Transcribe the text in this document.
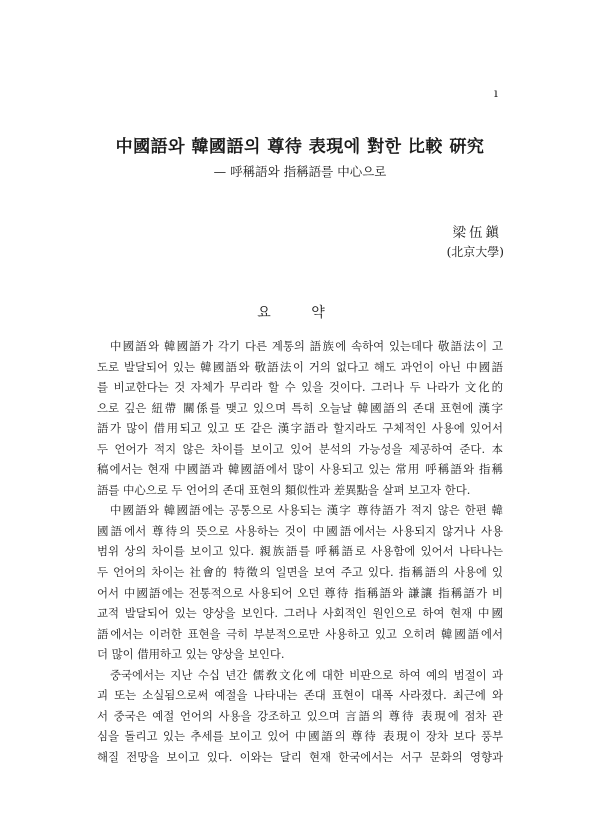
ı
中國語와 韓國語의 尊待 表現에 對한 比較 硏究
— 呼稱語와 指稱語를 中心으로
梁伍鎭
(北京大學)
요 약
中國語와 韓國語가 각기 다른 계통의 語族에 속하여 있는데다 敬語法이 고
도로 발달되어 있는 韓國語와 敬語法이 거의 없다고 해도 과언이 아닌 中國語
를 비교한다는 것 자체가 무리라 할 수 있을 것이다. 그러나 두 나라가 文化的
으로 깊은 紐帶 關係를 맺고 있으며 특히 오늘날 韓國語의 존대 표현에 漢字
語가 많이 借用되고 있고 또 같은 漢字語라 할지라도 구체적인 사용에 있어서
두 언어가 적지 않은 차이를 보이고 있어 분석의 가능성을 제공하여 준다. 本
稿에서는 현재 中國語과 韓國語에서 많이 사용되고 있는 常用 呼稱語와 指稱
語를 中心으로 두 언어의 존대 표현의 類似性과 差異點을 살펴 보고자 한다.
中國語와 韓國語에는 공통으로 사용되는 漢字 尊待語가 적지 않은 한편 韓
國語에서 尊待의 뜻으로 사용하는 것이 中國語에서는 사용되지 않거나 사용
범위 상의 차이를 보이고 있다. 親族語를 呼稱語로 사용함에 있어서 나타나는
두 언어의 차이는 社會的 特徵의 일면을 보여 주고 있다. 指稱語의 사용에 있
어서 中國語에는 전통적으로 사용되어 오던 尊待 指稱語와 謙讓 指稱語가 비
교적 발달되어 있는 양상을 보인다. 그러나 사회적인 원인으로 하여 현재 中國
語에서는 이러한 표현을 극히 부분적으로만 사용하고 있고 오히려 韓國語에서
더 많이 借用하고 있는 양상을 보인다.
중국에서는 지난 수십 년간 儒敎文化에 대한 비판으로 하여 예의 범절이 과
괴 또는 소실됨으로써 예절을 나타내는 존대 표현이 대폭 사라졌다. 최근에 와
서 중국은 예절 언어의 사용을 강조하고 있으며 言語의 尊待 表現에 점차 관
심을 돌리고 있는 추세를 보이고 있어 中國語의 尊待 表現이 장차 보다 풍부
해질 전망을 보이고 있다. 이와는 달리 현재 한국에서는 서구 문화의 영향과
